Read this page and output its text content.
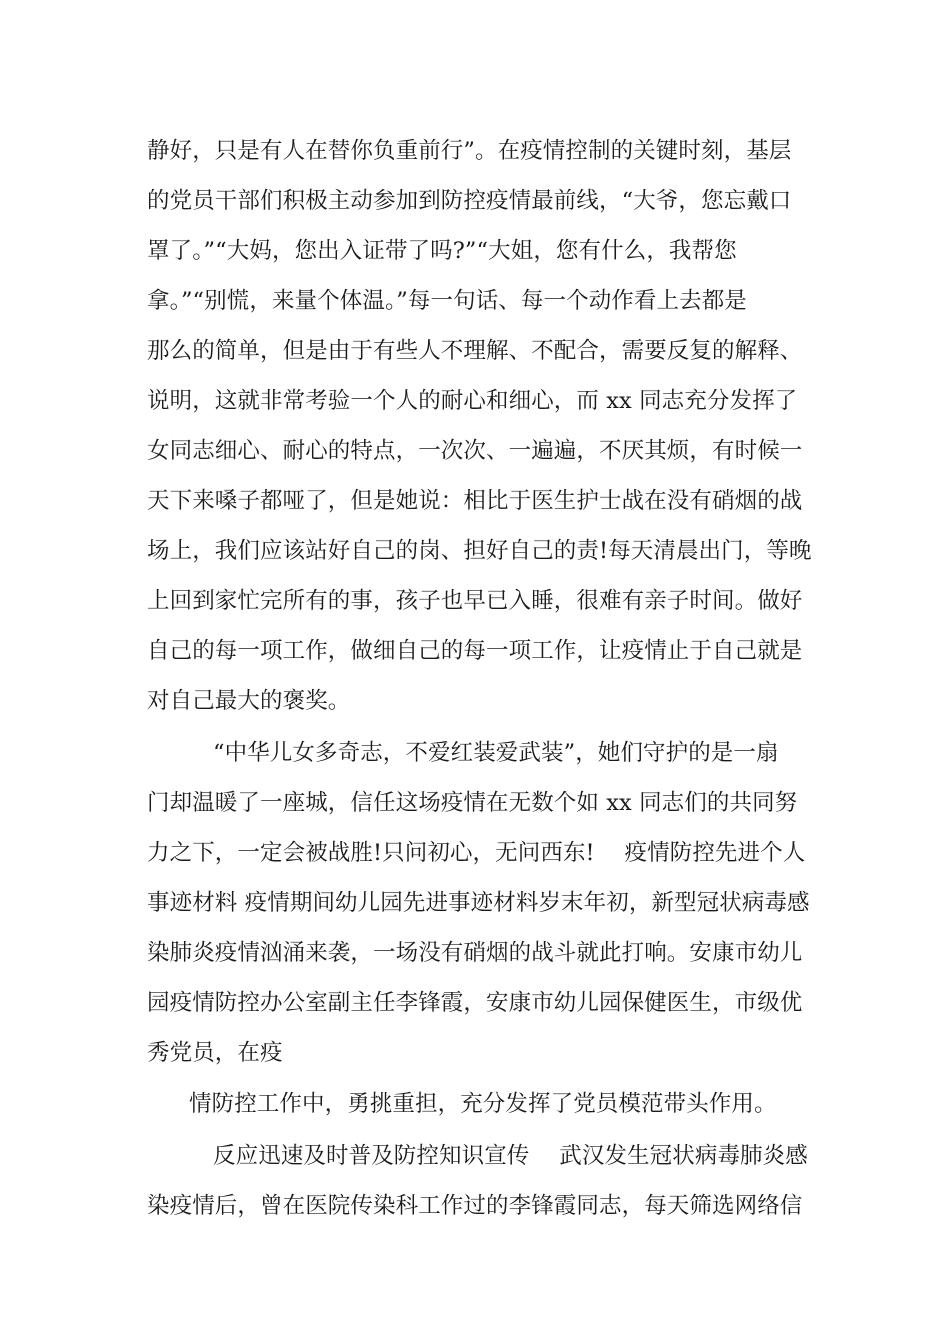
静好，只是有人在替你负重前行”。在疫情控制的关键时刻，基层
的党员干部们积极主动参加到防控疫情最前线，“大爷，您忘戴口
罩了。”“大妈，您出入证带了吗?”“大姐，您有什么，我帮您
拿。”“别慌，来量个体温。”每一句话、每一个动作看上去都是
那么的简单，但是由于有些人不理解、不配合，需要反复的解释、
说明，这就非常考验一个人的耐心和细心，而 xx 同志充分发挥了
女同志细心、耐心的特点，一次次、一遍遍，不厌其烦，有时候一
天下来嗓子都哑了，但是她说：相比于医生护士战在没有硝烟的战
场上，我们应该站好自己的岗、担好自己的责!每天清晨出门，等晚
上回到家忙完所有的事，孩子也早已入睡，很难有亲子时间。做好
自己的每一项工作，做细自己的每一项工作，让疫情止于自己就是
对自己最大的褒奖。
“中华儿女多奇志，不爱红装爱武装”，她们守护的是一扇
门却温暖了一座城，信任这场疫情在无数个如 xx 同志们的共同努
力之下，一定会被战胜!只问初心，无问西东!　 疫情防控先进个人
事迹材料 疫情期间幼儿园先进事迹材料岁末年初，新型冠状病毒感
染肺炎疫情汹涌来袭，一场没有硝烟的战斗就此打响。安康市幼儿
园疫情防控办公室副主任李锋霞，安康市幼儿园保健医生，市级优
秀党员，在疫
情防控工作中，勇挑重担，充分发挥了党员模范带头作用。
反应迅速及时普及防控知识宣传　 武汉发生冠状病毒肺炎感
染疫情后，曾在医院传染科工作过的李锋霞同志，每天筛选网络信
